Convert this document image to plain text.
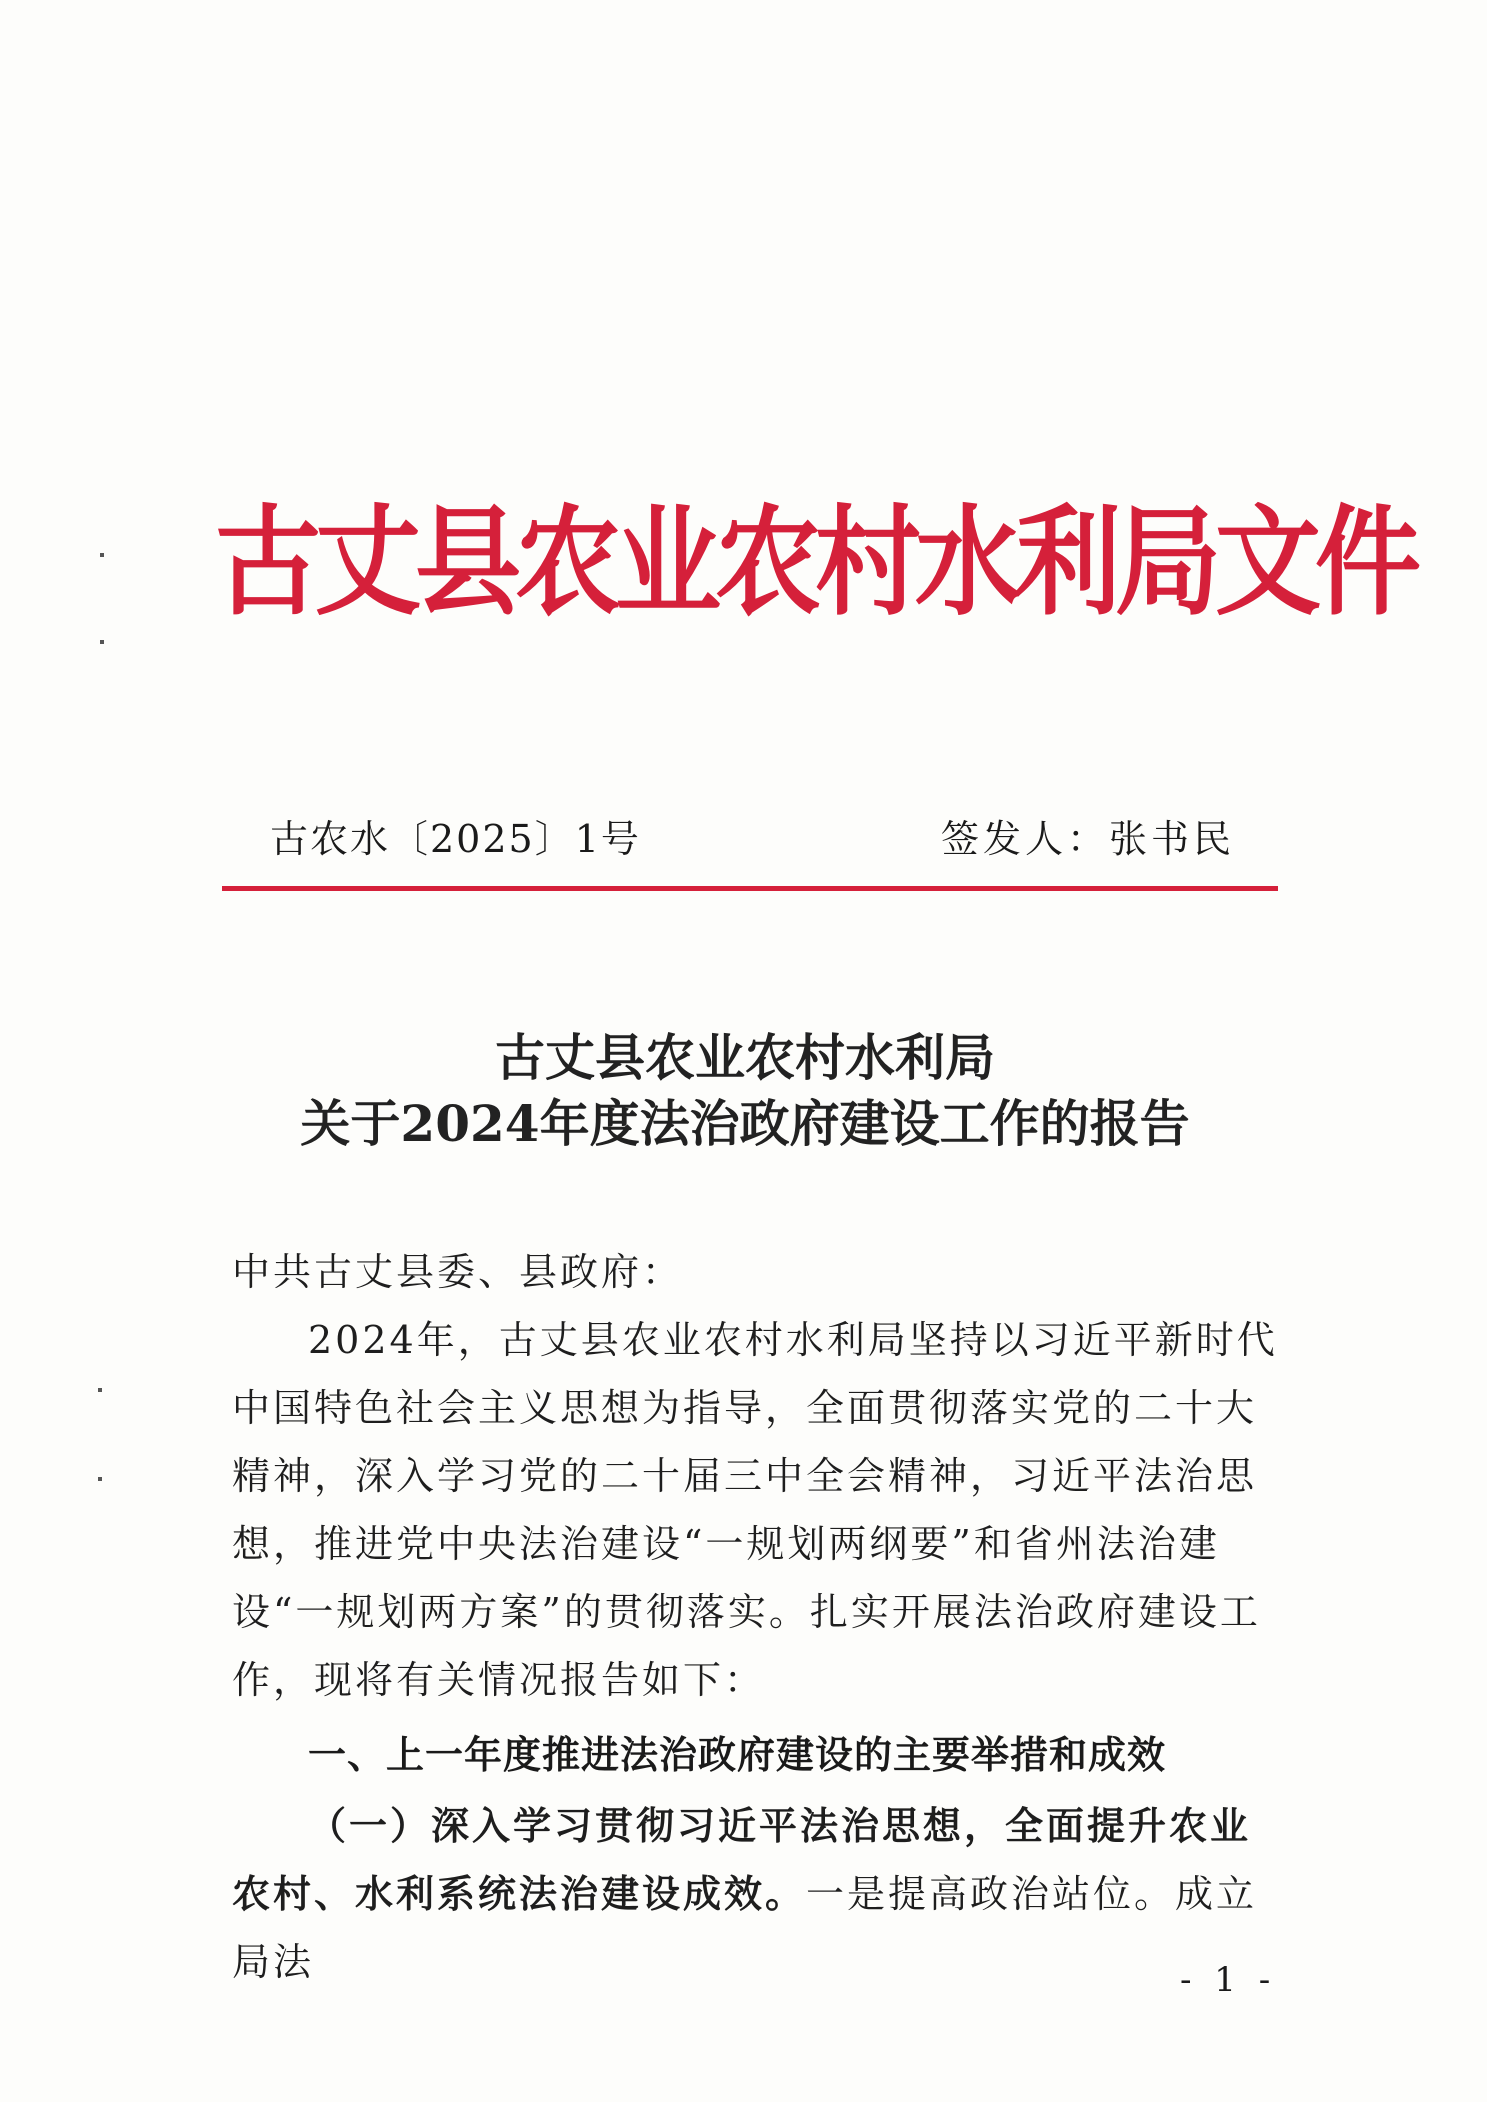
古丈县农业农村水利局文件
古农水〔2025〕1号	签发人：张书民
古丈县农业农村水利局
关于2024年度法治政府建设工作的报告
中共古丈县委、县政府：
2024年，古丈县农业农村水利局坚持以习近平新时代中国特色社会主义思想为指导，全面贯彻落实党的二十大精神，深入学习党的二十届三中全会精神，习近平法治思想，推进党中央法治建设“一规划两纲要”和省州法治建设“一规划两方案”的贯彻落实。扎实开展法治政府建设工作，现将有关情况报告如下：
一、上一年度推进法治政府建设的主要举措和成效
（一）深入学习贯彻习近平法治思想，全面提升农业农村、水利系统法治建设成效。一是提高政治站位。成立局法	- 1 -
